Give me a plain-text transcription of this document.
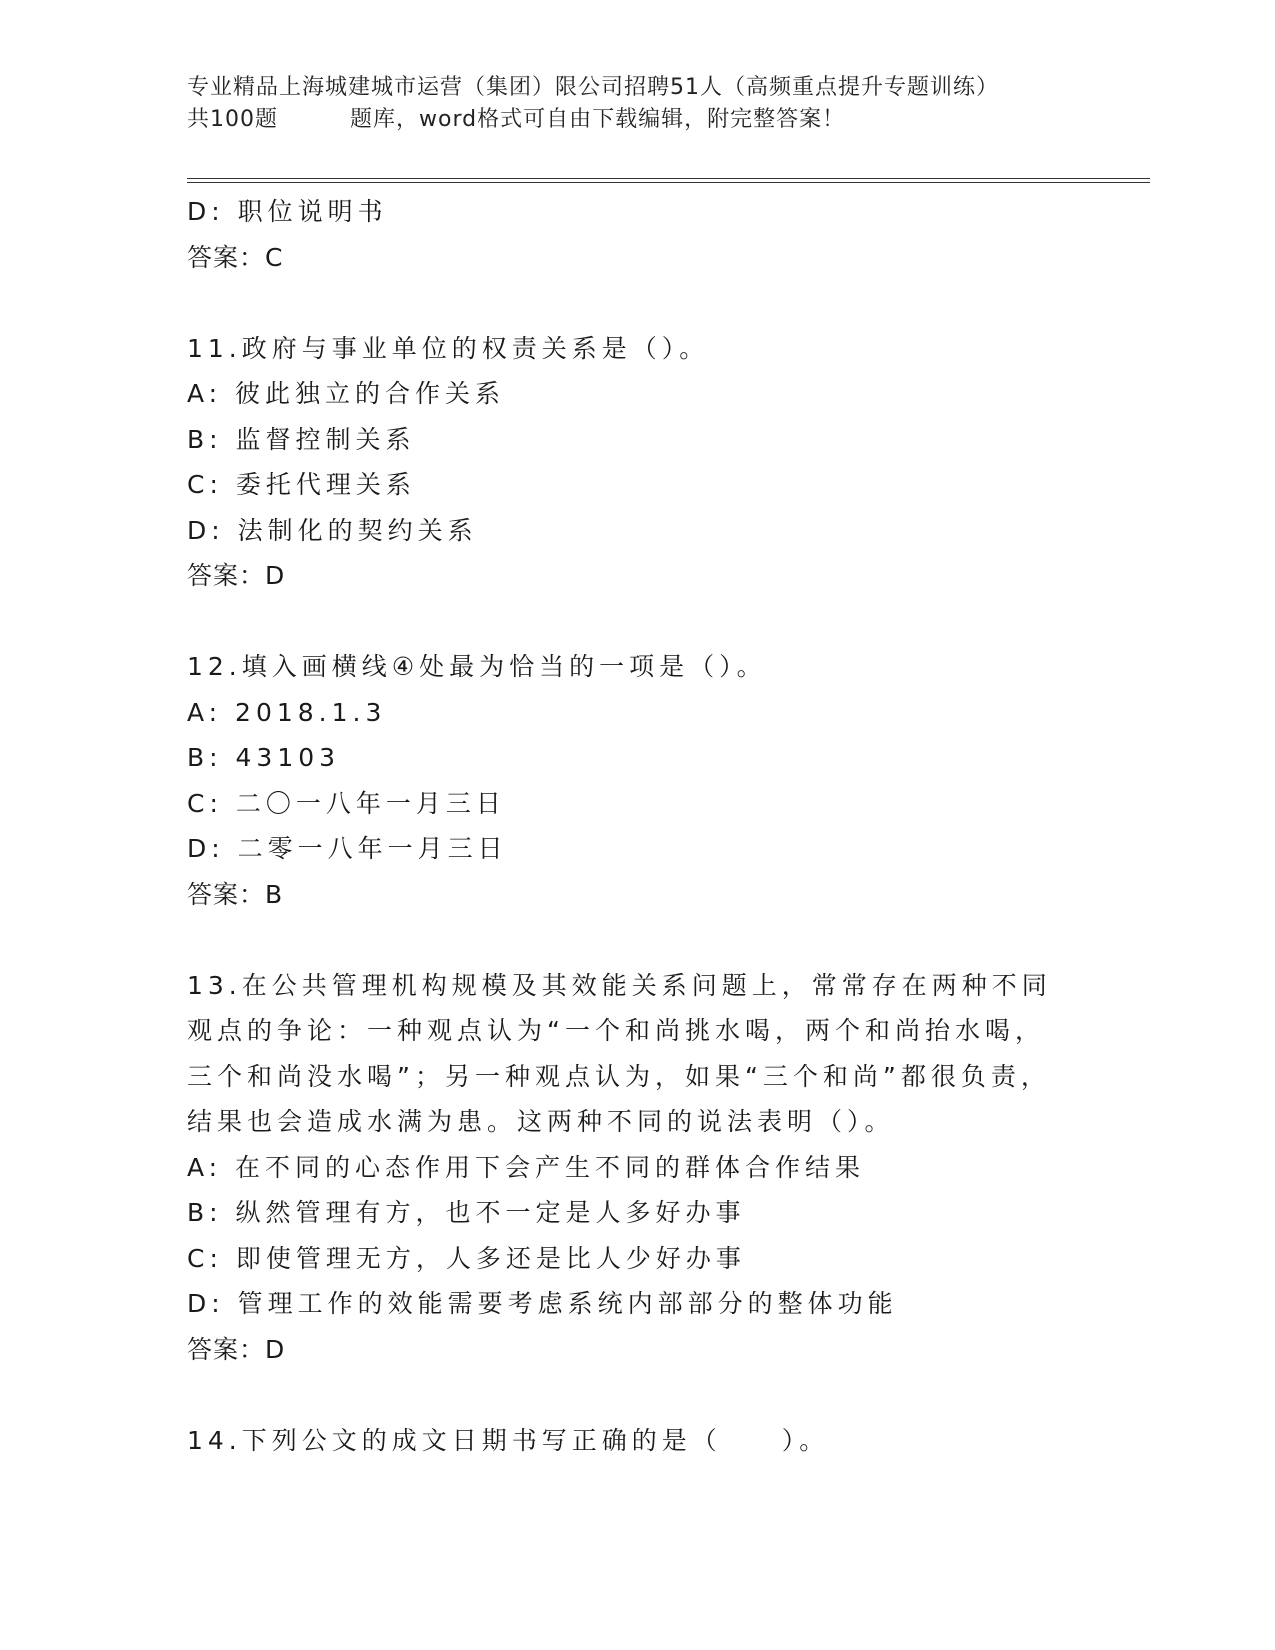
专业精品上海城建城市运营（集团）限公司招聘51人（高频重点提升专题训练）
共100题	题库，word格式可自由下载编辑，附完整答案！
D: 职位说明书
答案：C
11.政府与事业单位的权责关系是（）。
A: 彼此独立的合作关系
B: 监督控制关系
C: 委托代理关系
D: 法制化的契约关系
答案：D
12.填入画横线④处最为恰当的一项是（）。
A: 2018.1.3
B: 43103
C: 二〇一八年一月三日
D: 二零一八年一月三日
答案：B
13.在公共管理机构规模及其效能关系问题上，常常存在两种不同观点的争论：一种观点认为“一个和尚挑水喝，两个和尚抬水喝，三个和尚没水喝”；另一种观点认为，如果“三个和尚”都很负责，结果也会造成水满为患。这两种不同的说法表明（）。
A: 在不同的心态作用下会产生不同的群体合作结果
B: 纵然管理有方，也不一定是人多好办事
C: 即使管理无方，人多还是比人少好办事
D: 管理工作的效能需要考虑系统内部部分的整体功能
答案：D
14.下列公文的成文日期书写正确的是（　　）。
